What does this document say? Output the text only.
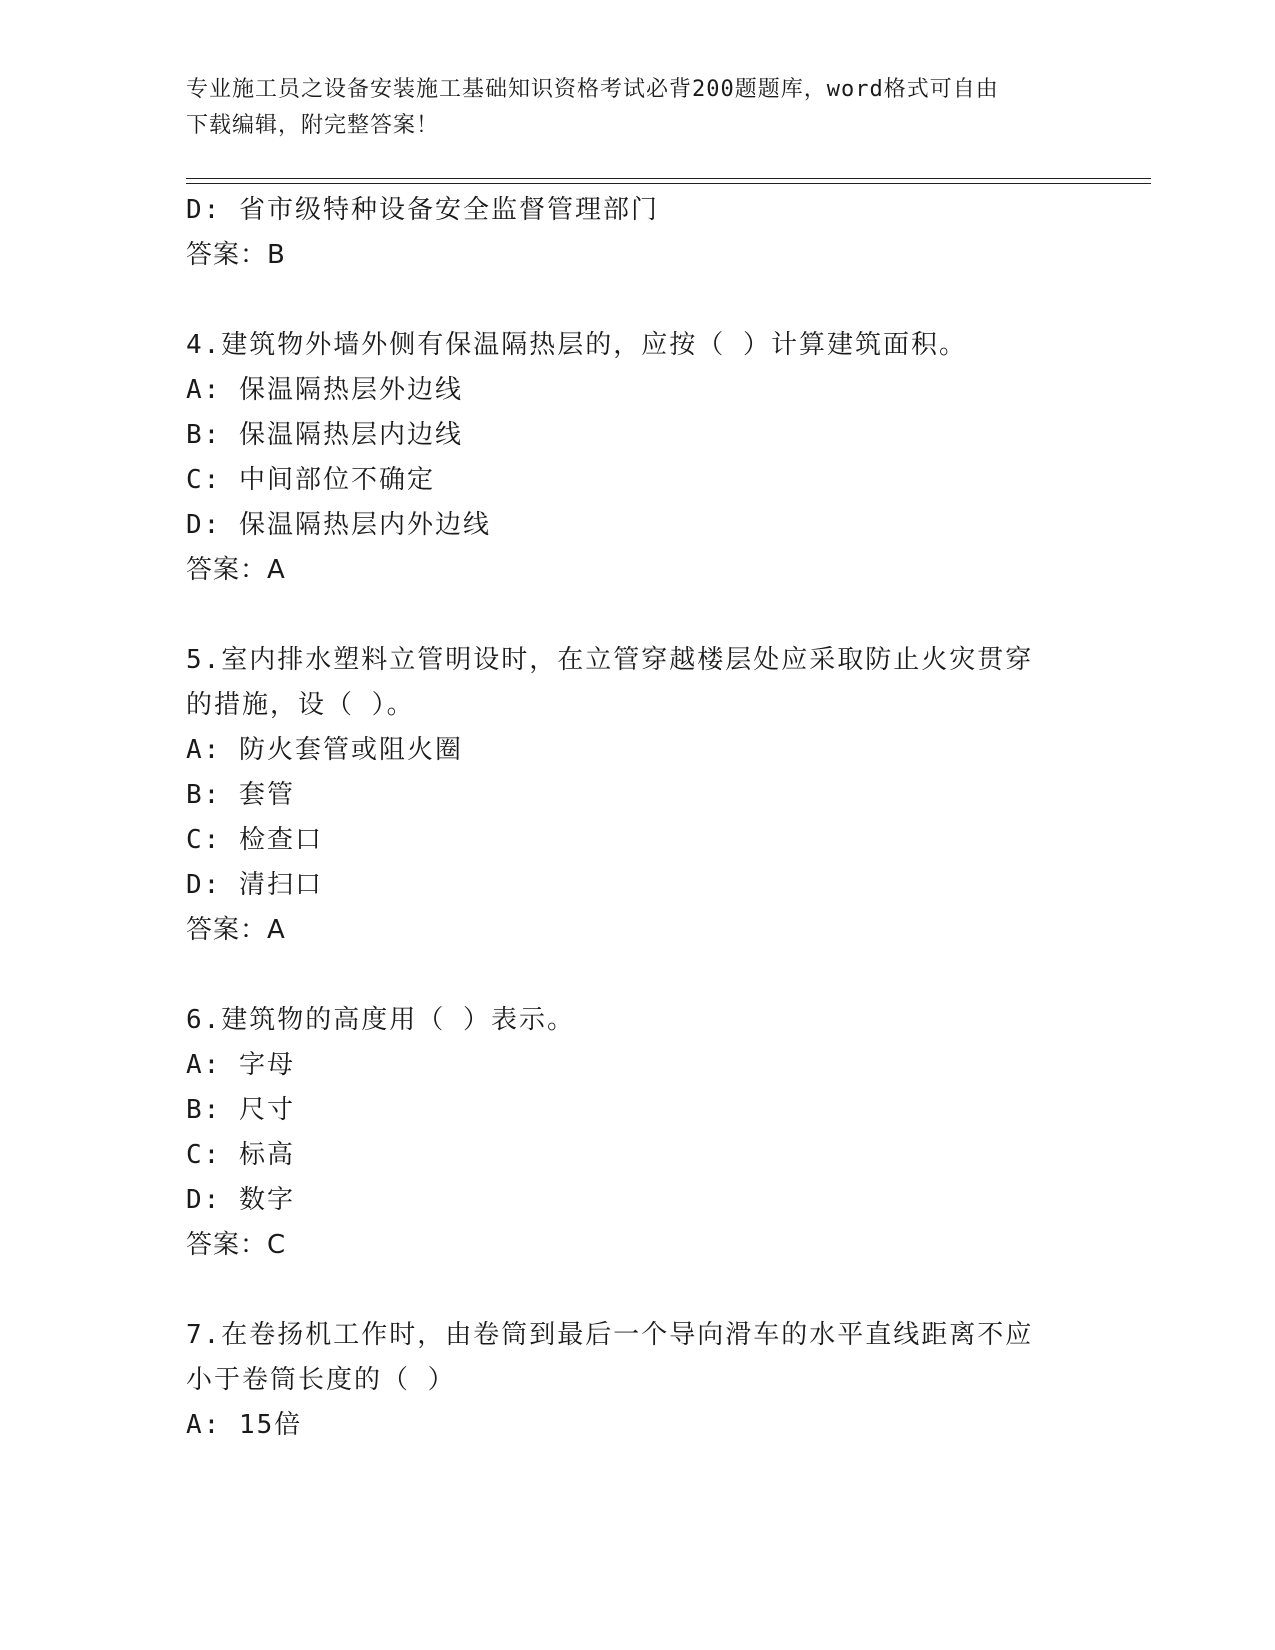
专业施工员之设备安装施工基础知识资格考试必背200题题库，word格式可自由
下载编辑，附完整答案！
D: 省市级特种设备安全监督管理部门
答案：B
4.建筑物外墙外侧有保温隔热层的，应按（ ）计算建筑面积。
A: 保温隔热层外边线
B: 保温隔热层内边线
C: 中间部位不确定
D: 保温隔热层内外边线
答案：A
5.室内排水塑料立管明设时，在立管穿越楼层处应采取防止火灾贯穿
的措施，设（ ）。
A: 防火套管或阻火圈
B: 套管
C: 检查口
D: 清扫口
答案：A
6.建筑物的高度用（ ）表示。
A: 字母
B: 尺寸
C: 标高
D: 数字
答案：C
7.在卷扬机工作时，由卷筒到最后一个导向滑车的水平直线距离不应
小于卷筒长度的（ ）
A: 15倍
